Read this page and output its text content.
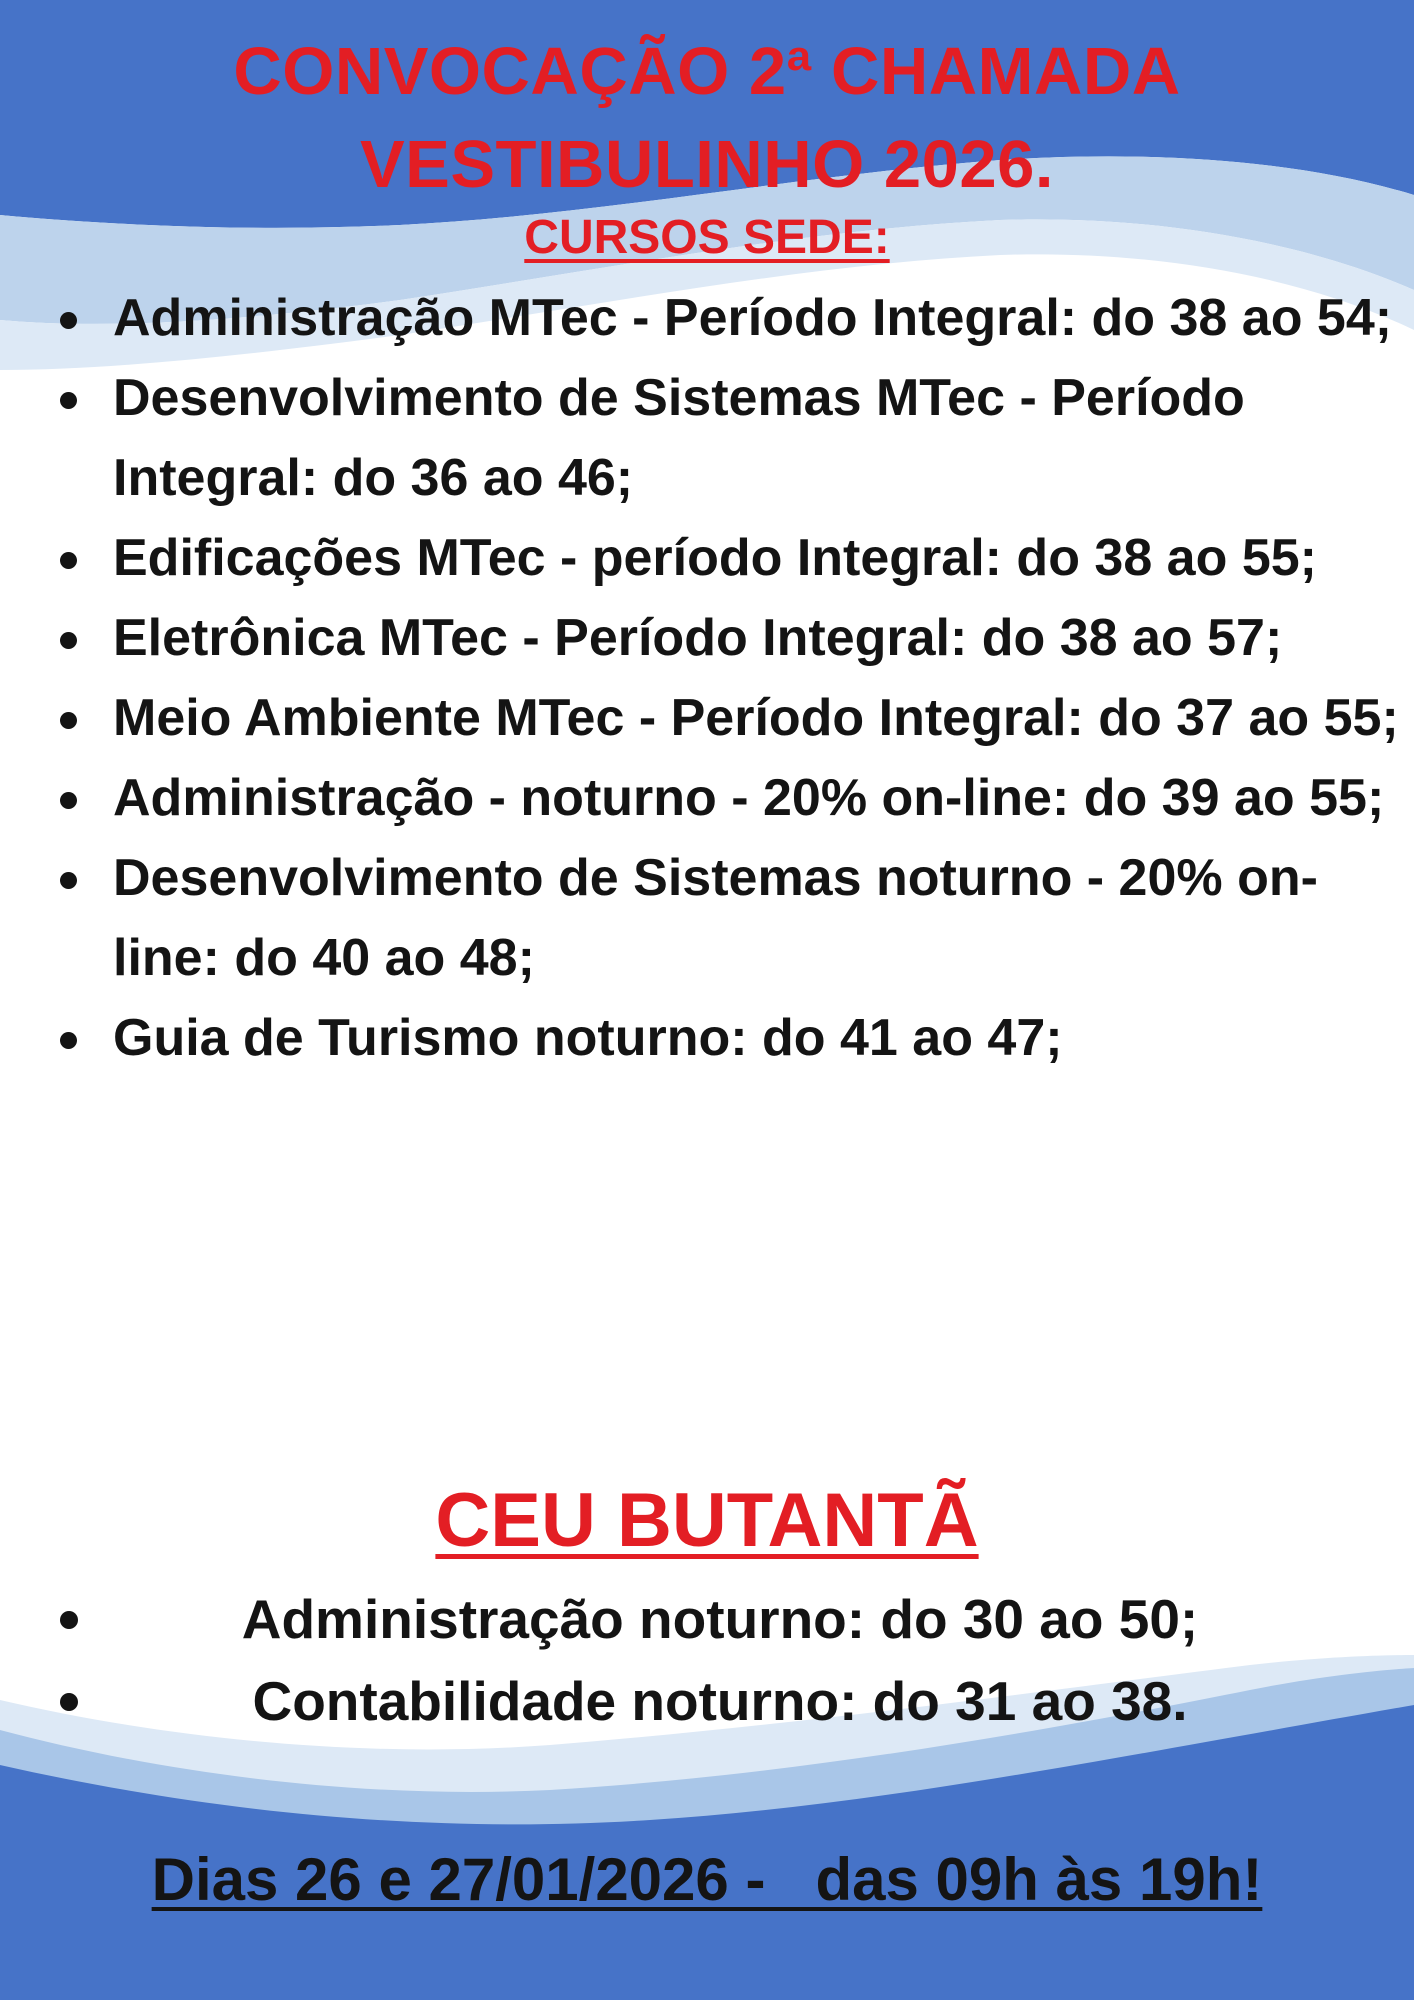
CONVOCAÇÃO 2ª CHAMADA
VESTIBULINHO 2026.
CURSOS SEDE:
Administração MTec - Período Integral: do 38 ao 54;
Desenvolvimento de Sistemas MTec - Período Integral: do 36 ao 46;
Edificações MTec - período Integral: do 38 ao 55;
Eletrônica MTec - Período Integral: do 38 ao 57;
Meio Ambiente MTec - Período Integral: do 37 ao 55;
Administração - noturno - 20% on-line: do 39 ao 55;
Desenvolvimento de Sistemas noturno - 20% on-line: do 40 ao 48;
Guia de Turismo noturno: do 41 ao 47;
CEU BUTANTÃ
Administração noturno: do 30 ao 50;
Contabilidade noturno: do 31 ao 38.
Dias 26 e 27/01/2026 -   das 09h às 19h!
